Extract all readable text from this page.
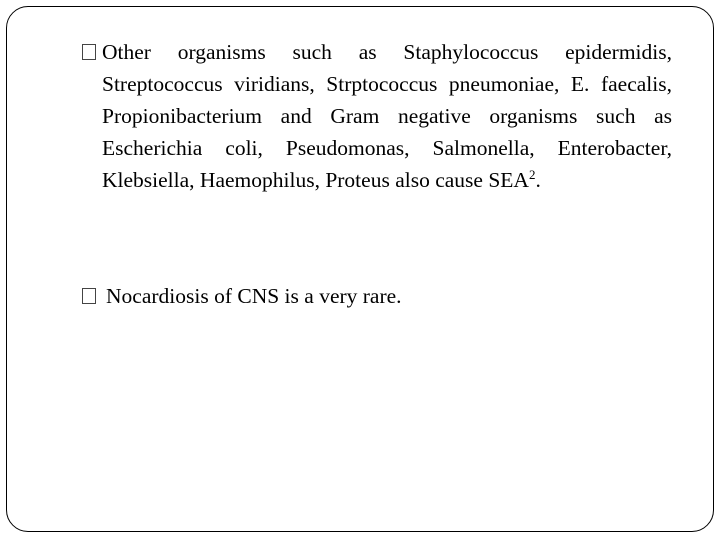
Other organisms such as Staphylococcus epidermidis, Streptococcus viridians, Strptococcus pneumoniae, E. faecalis, Propionibacterium and Gram negative organisms such as Escherichia coli, Pseudomonas, Salmonella, Enterobacter, Klebsiella, Haemophilus, Proteus also cause SEA$^2$.

Nocardiosis of CNS is a very rare.
